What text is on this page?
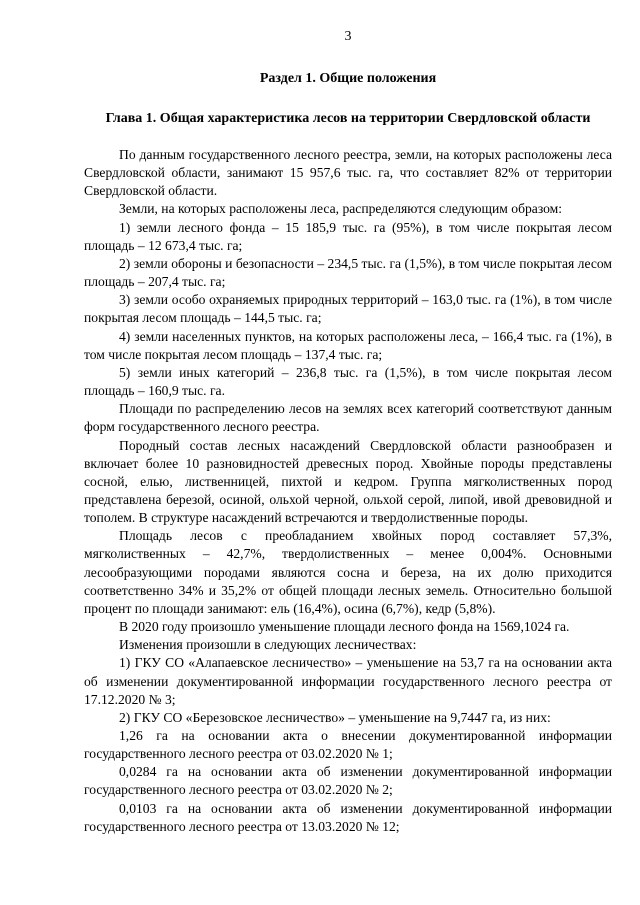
3
Раздел 1. Общие положения
Глава 1. Общая характеристика лесов на территории Свердловской области

По данным государственного лесного реестра, земли, на которых расположены леса Свердловской области, занимают 15 957,6 тыс. га, что составляет 82% от территории Свердловской области.

Земли, на которых расположены леса, распределяются следующим образом:

1) земли лесного фонда – 15 185,9 тыс. га (95%), в том числе покрытая лесом площадь – 12 673,4 тыс. га;

2) земли обороны и безопасности – 234,5 тыс. га (1,5%), в том числе покрытая лесом площадь – 207,4 тыс. га;

3) земли особо охраняемых природных территорий – 163,0 тыс. га (1%), в том числе покрытая лесом площадь – 144,5 тыс. га;

4) земли населенных пунктов, на которых расположены леса, – 166,4 тыс. га (1%), в том числе покрытая лесом площадь – 137,4 тыс. га;

5) земли иных категорий – 236,8 тыс. га (1,5%), в том числе покрытая лесом площадь – 160,9 тыс. га.

Площади по распределению лесов на землях всех категорий соответствуют данным форм государственного лесного реестра.

Породный состав лесных насаждений Свердловской области разнообразен и включает более 10 разновидностей древесных пород. Хвойные породы представлены сосной, елью, лиственницей, пихтой и кедром. Группа мягколиственных пород представлена березой, осиной, ольхой черной, ольхой серой, липой, ивой древовидной и тополем. В структуре насаждений встречаются и твердолиственные породы.

Площадь лесов с преобладанием хвойных пород составляет 57,3%, мягколиственных – 42,7%, твердолиственных – менее 0,004%. Основными лесообразующими породами являются сосна и береза, на их долю приходится соответственно 34% и 35,2% от общей площади лесных земель. Относительно большой процент по площади занимают: ель (16,4%), осина (6,7%), кедр (5,8%).

В 2020 году произошло уменьшение площади лесного фонда на 1569,1024 га.

Изменения произошли в следующих лесничествах:

1) ГКУ СО «Алапаевское лесничество» – уменьшение на 53,7 га на основании акта об изменении документированной информации государственного лесного реестра от 17.12.2020 № 3;

2) ГКУ СО «Березовское лесничество» – уменьшение на 9,7447 га, из них:

1,26 га на основании акта о внесении документированной информации государственного лесного реестра от 03.02.2020 № 1;

0,0284 га на основании акта об изменении документированной информации государственного лесного реестра от 03.02.2020 № 2;

0,0103 га на основании акта об изменении документированной информации государственного лесного реестра от 13.03.2020 № 12;
